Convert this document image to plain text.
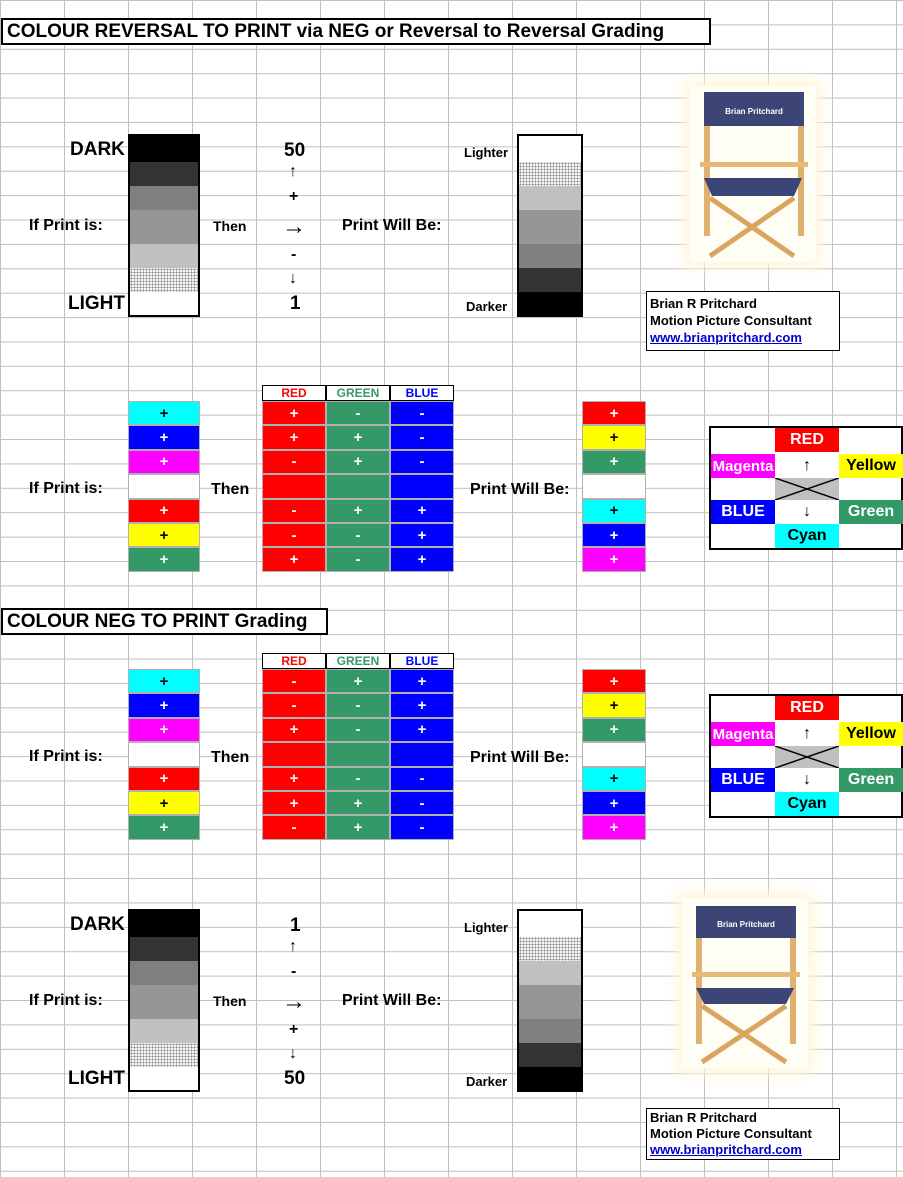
COLOUR REVERSAL TO PRINT via NEG or Reversal to Reversal Grading
DARK
LIGHT
If Print is:	Then
50
↑
+
→
-
↓
1
Print Will Be:
Lighter
Darker
Brian Pritchard
Brian R Pritchard
Motion Picture Consultant
www.brianpritchard.com
RED	GREEN	BLUE
If Print is:	Then	Print Will Be:
+	+	-	-	+
+	+	+	-	+
+	-	+	-	+
+	-	+	+	+
+	-	-	+	+
+	+	-	+	+
RED
Magenta	↑	Yellow
BLUE	↓	Green
Cyan
COLOUR NEG TO PRINT Grading
RED	GREEN	BLUE
If Print is:	Then	Print Will Be:
+	-	+	+	+
+	-	-	+	+
+	+	-	+	+
+	+	-	-	+
+	+	+	-	+
+	-	+	-	+
RED
Magenta	↑	Yellow
BLUE	↓	Green
Cyan
DARK
LIGHT
If Print is:	Then
1
↑
-
→
+
↓
50
Print Will Be:
Lighter
Darker
Brian Pritchard
Brian R Pritchard
Motion Picture Consultant
www.brianpritchard.com
